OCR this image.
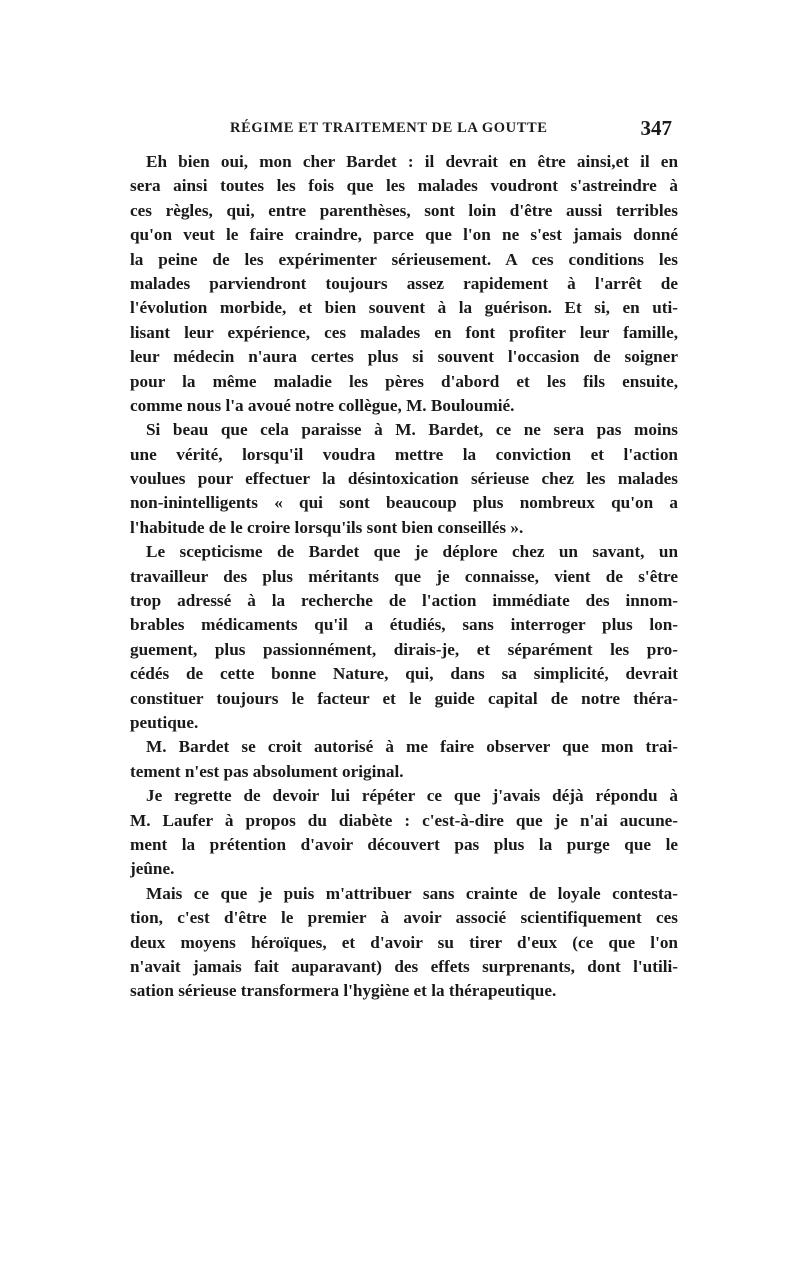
RÉGIME ET TRAITEMENT DE LA GOUTTE	347
Eh bien oui, mon cher Bardet : il devrait en être ainsi,et il en
sera ainsi toutes les fois que les malades voudront s'astreindre à
ces règles, qui, entre parenthèses, sont loin d'être aussi terribles
qu'on veut le faire craindre, parce que l'on ne s'est jamais donné
la peine de les expérimenter sérieusement. A ces conditions les
malades parviendront toujours assez rapidement à l'arrêt de
l'évolution morbide, et bien souvent à la guérison. Et si, en uti-
lisant leur expérience, ces malades en font profiter leur famille,
leur médecin n'aura certes plus si souvent l'occasion de soigner
pour la même maladie les pères d'abord et les fils ensuite,
comme nous l'a avoué notre collègue, M. Bouloumié.
Si beau que cela paraisse à M. Bardet, ce ne sera pas moins
une vérité, lorsqu'il voudra mettre la conviction et l'action
voulues pour effectuer la désintoxication sérieuse chez les malades
non-inintelligents « qui sont beaucoup plus nombreux qu'on a
l'habitude de le croire lorsqu'ils sont bien conseillés ».
Le scepticisme de Bardet que je déplore chez un savant, un
travailleur des plus méritants que je connaisse, vient de s'être
trop adressé à la recherche de l'action immédiate des innom-
brables médicaments qu'il a étudiés, sans interroger plus lon-
guement, plus passionnément, dirais-je, et séparément les pro-
cédés de cette bonne Nature, qui, dans sa simplicité, devrait
constituer toujours le facteur et le guide capital de notre théra-
peutique.
M. Bardet se croit autorisé à me faire observer que mon trai-
tement n'est pas absolument original.
Je regrette de devoir lui répéter ce que j'avais déjà répondu à
M. Laufer à propos du diabète : c'est-à-dire que je n'ai aucune-
ment la prétention d'avoir découvert pas plus la purge que le
jeûne.
Mais ce que je puis m'attribuer sans crainte de loyale contesta-
tion, c'est d'être le premier à avoir associé scientifiquement ces
deux moyens héroïques, et d'avoir su tirer d'eux (ce que l'on
n'avait jamais fait auparavant) des effets surprenants, dont l'utili-
sation sérieuse transformera l'hygiène et la thérapeutique.
